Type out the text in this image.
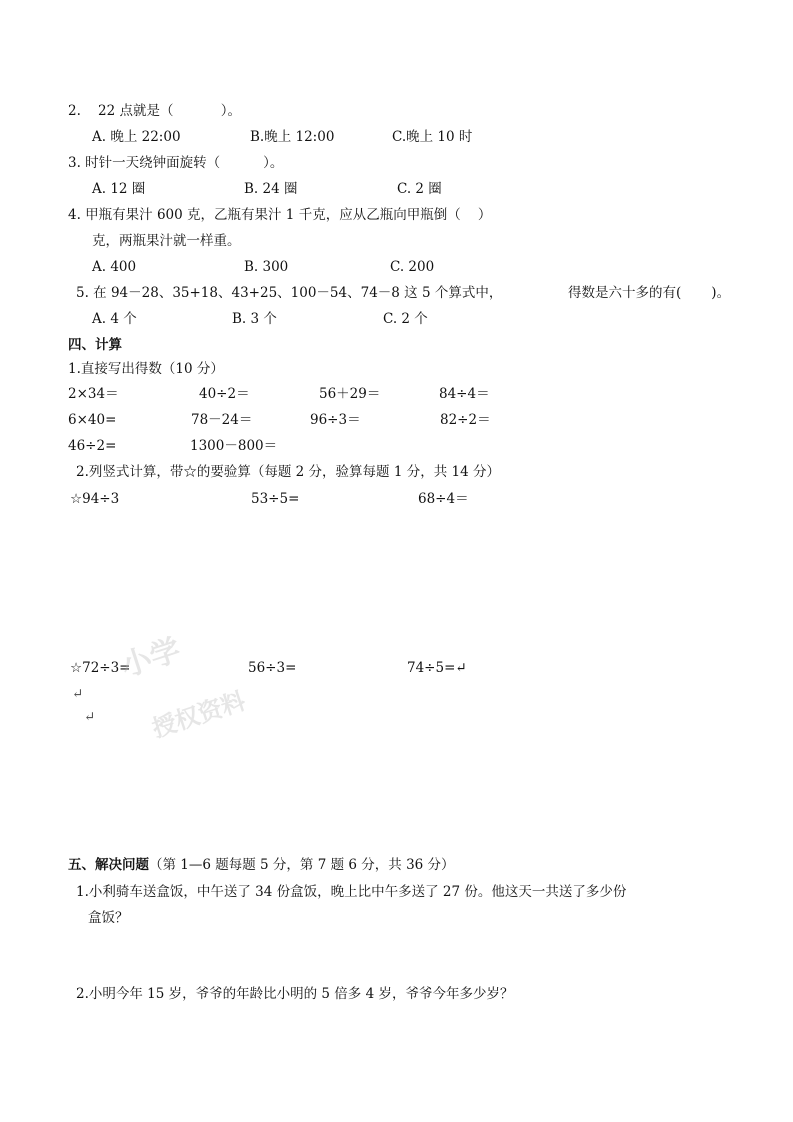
2.    22 点就是（           ）。
A. 晚上 22:00	B.晚上 12:00	C.晚上 10 时
3. 时针一天绕钟面旋转（          ）。
A. 12 圈	B. 24 圈	C. 2 圈
4. 甲瓶有果汁 600 克，乙瓶有果汁 1 千克，应从乙瓶向甲瓶倒（    ）
克，两瓶果汁就一样重。
A. 400	B. 300	C. 200
5. 在 94－28、35+18、43+25、100－54、74－8 这 5 个算式中，	得数是六十多的有(       )。
A. 4 个	B. 3 个	C. 2 个
四、计算
1.直接写出得数（10 分）
2×34＝	40÷2＝	56＋29＝	84÷4＝
6×40=	78－24＝	96÷3＝	82÷2＝
46÷2=	1300－800＝
2.列竖式计算，带☆的要验算（每题 2 分，验算每题 1 分，共 14 分）
☆94÷3	53÷5=	68÷4＝
☆72÷3=	56÷3=	74÷5=↵
↵
↵
小学
授权资料
五、解决问题（第 1—6 题每题 5 分，第 7 题 6 分，共 36 分）
1.小利骑车送盒饭，中午送了 34 份盒饭，晚上比中午多送了 27 份。他这天一共送了多少份
盒饭？
2.小明今年 15 岁，爷爷的年龄比小明的 5 倍多 4 岁，爷爷今年多少岁？
